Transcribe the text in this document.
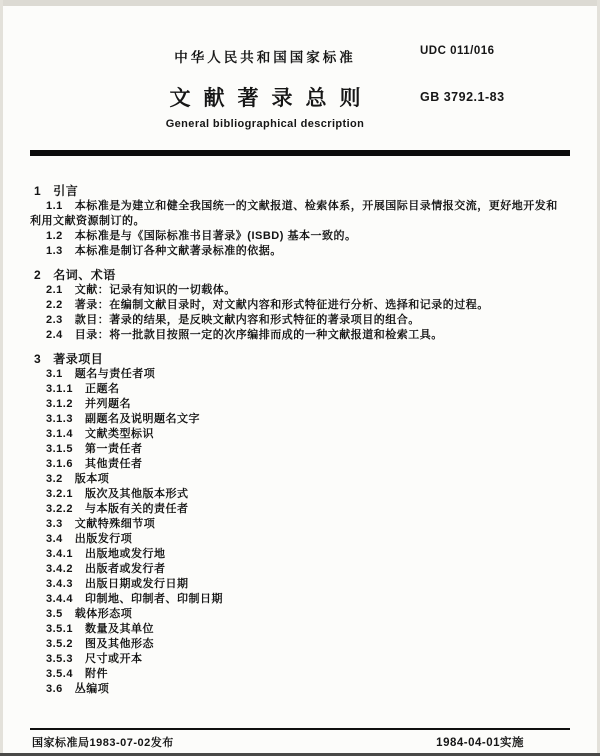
中华人民共和国国家标准	UDC 011/016
文献著录总则	GB 3792.1-83
General bibliographical description
1 引言
1.1 本标准是为建立和健全我国统一的文献报道、检索体系，开展国际目录情报交流，更好地开发和利用文献资源制订的。
1.2 本标准是与《国际标准书目著录》(ISBD) 基本一致的。
1.3 本标准是制订各种文献著录标准的依据。
2 名词、术语
2.1 文献：记录有知识的一切载体。
2.2 著录：在编制文献目录时，对文献内容和形式特征进行分析、选择和记录的过程。
2.3 款目：著录的结果，是反映文献内容和形式特征的著录项目的组合。
2.4 目录：将一批款目按照一定的次序编排而成的一种文献报道和检索工具。
3 著录项目
3.1 题名与责任者项
3.1.1 正题名
3.1.2 并列题名
3.1.3 副题名及说明题名文字
3.1.4 文献类型标识
3.1.5 第一责任者
3.1.6 其他责任者
3.2 版本项
3.2.1 版次及其他版本形式
3.2.2 与本版有关的责任者
3.3 文献特殊细节项
3.4 出版发行项
3.4.1 出版地或发行地
3.4.2 出版者或发行者
3.4.3 出版日期或发行日期
3.4.4 印制地、印制者、印制日期
3.5 载体形态项
3.5.1 数量及其单位
3.5.2 图及其他形态
3.5.3 尺寸或开本
3.5.4 附件
3.6 丛编项
国家标准局1983-07-02发布	1984-04-01实施
